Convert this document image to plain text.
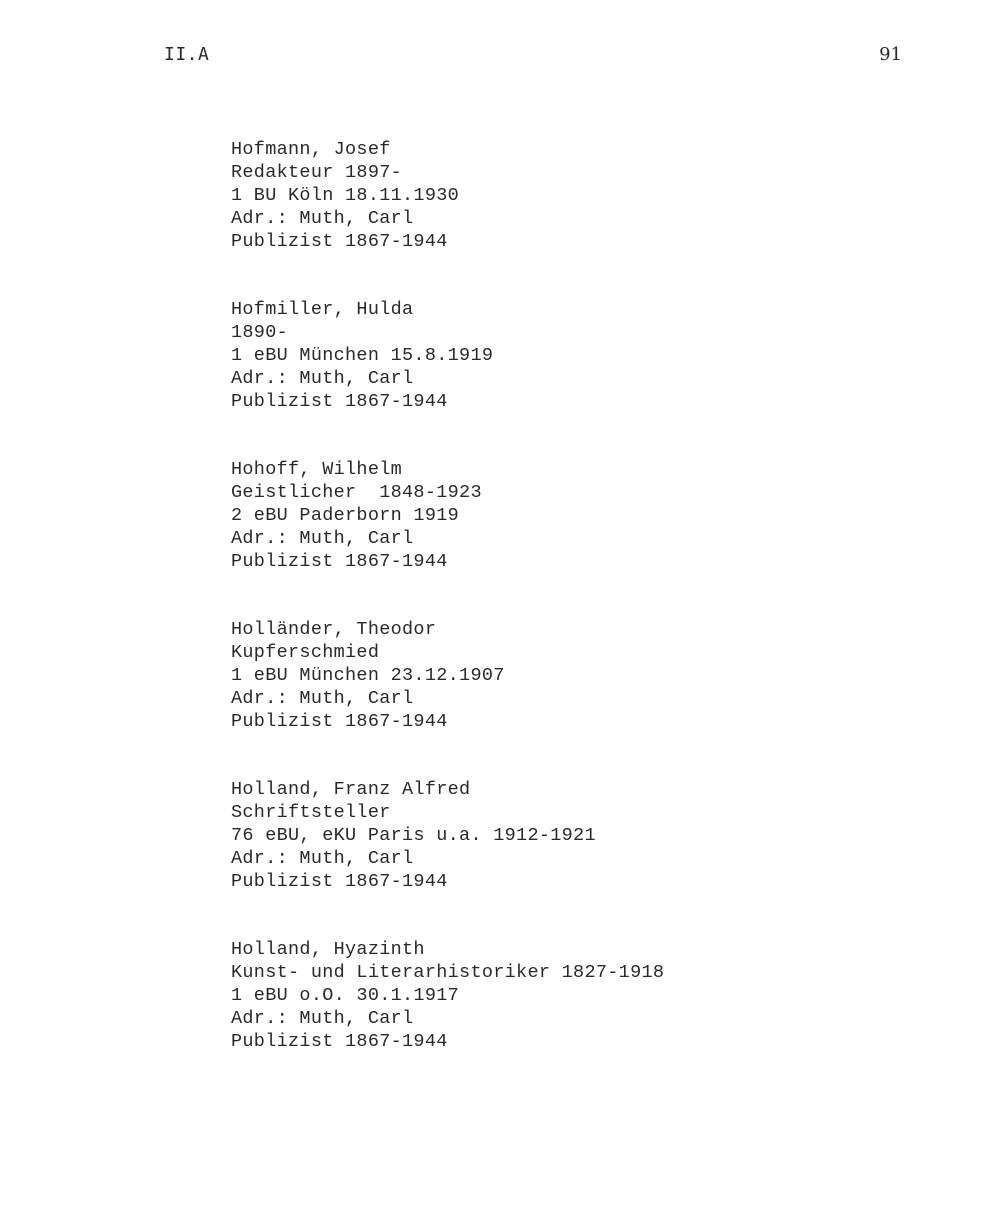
II.A	91
Hofmann, Josef
Redakteur 1897-
1 BU Köln 18.11.1930
Adr.: Muth, Carl
Publizist 1867-1944
Hofmiller, Hulda
1890-
1 eBU München 15.8.1919
Adr.: Muth, Carl
Publizist 1867-1944
Hohoff, Wilhelm
Geistlicher  1848-1923
2 eBU Paderborn 1919
Adr.: Muth, Carl
Publizist 1867-1944
Holländer, Theodor
Kupferschmied
1 eBU München 23.12.1907
Adr.: Muth, Carl
Publizist 1867-1944
Holland, Franz Alfred
Schriftsteller
76 eBU, eKU Paris u.a. 1912-1921
Adr.: Muth, Carl
Publizist 1867-1944
Holland, Hyazinth
Kunst- und Literarhistoriker 1827-1918
1 eBU o.O. 30.1.1917
Adr.: Muth, Carl
Publizist 1867-1944
